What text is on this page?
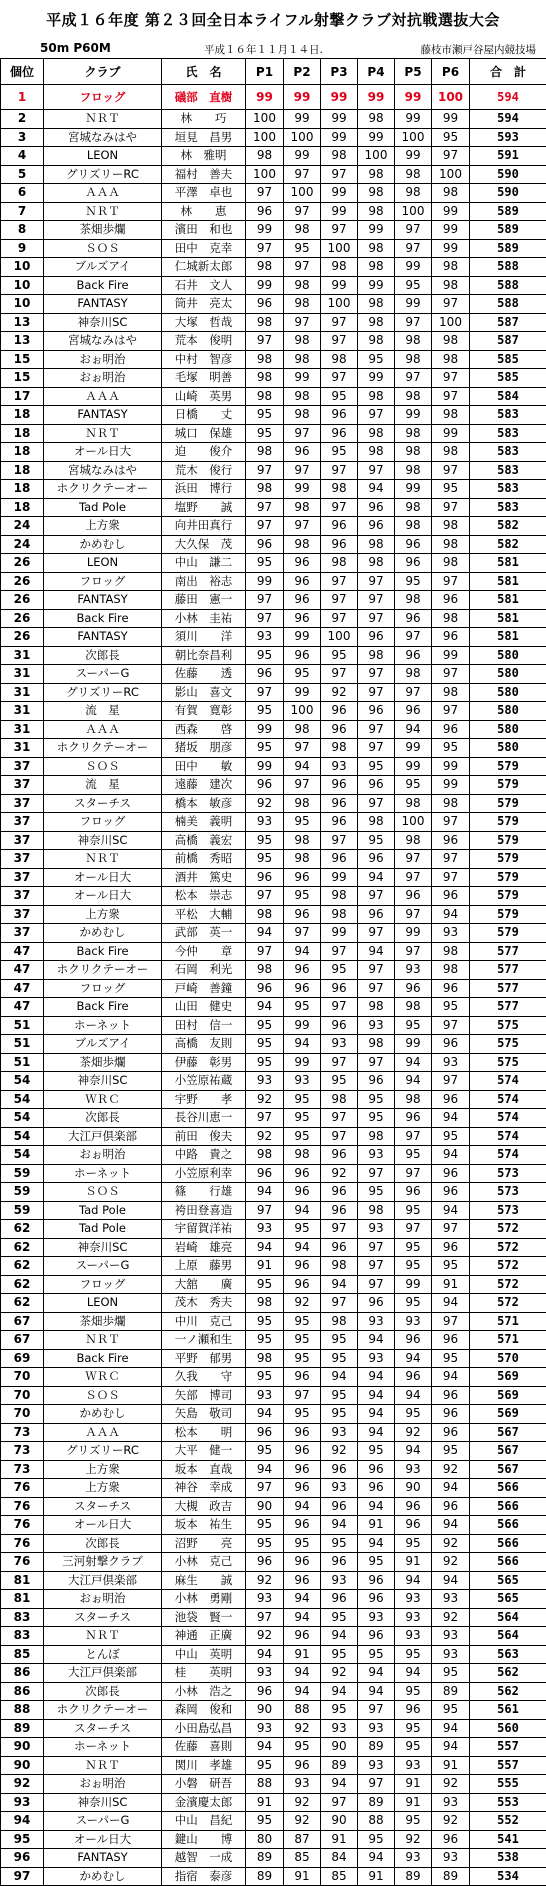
平成１６年度 第２３回全日本ライフル射撃クラブ対抗戦選抜大会
50m P60M	平成１６年１１月１４日.	藤枝市瀬戸谷屋内競技場
個位	クラブ	氏　名	P1	P2	P3	P4	P5	P6	合　計
1	フロッグ	礒部　直樹	99	99	99	99	99	100	594
2	ＮＲＴ	林　　巧	100	99	99	98	99	99	594
3	宮城なみはや	垣見　昌男	100	100	99	99	100	95	593
4	LEON	林　雅明	98	99	98	100	99	97	591
5	グリズリーRC	福村　善夫	100	97	97	98	98	100	590
6	ＡＡＡ	平澤　卓也	97	100	99	98	98	98	590
7	ＮＲＴ	林　　恵	96	97	99	98	100	99	589
8	茶畑歩爛	濱田　和也	99	98	97	99	97	99	589
9	ＳＯＳ	田中　克幸	97	95	100	98	97	99	589
10	ブルズアイ	仁城新太郎	98	97	98	98	99	98	588
10	Back Fire	石井　文人	99	98	99	99	95	98	588
10	FANTASY	筒井　亮太	96	98	100	98	99	97	588
13	神奈川SC	大塚　哲哉	98	97	97	98	97	100	587
13	宮城なみはや	荒本　俊明	97	98	97	98	98	98	587
15	おぉ明治	中村　智彦	98	98	98	95	98	98	585
15	おぉ明治	毛塚　明善	98	99	97	99	97	97	585
17	ＡＡＡ	山崎　英男	98	98	95	98	98	97	584
18	FANTASY	日橋　　丈	95	98	96	97	99	98	583
18	ＮＲＴ	城口　保雄	95	97	96	98	98	99	583
18	オール日大	迫　　俊介	98	96	95	98	98	98	583
18	宮城なみはや	荒木　俊行	97	97	97	97	98	97	583
18	ホクリクテーオー	浜田　博行	98	99	98	94	99	95	583
18	Tad Pole	塩野　　誠	97	98	97	96	98	97	583
24	上方衆	向井田真行	97	97	96	96	98	98	582
24	かめむし	大久保　茂	96	98	96	98	96	98	582
26	LEON	中山　謙二	95	96	98	98	96	98	581
26	フロッグ	南出　裕志	99	96	97	97	95	97	581
26	FANTASY	藤田　憲一	97	96	97	97	98	96	581
26	Back Fire	小林　圭祐	97	96	97	97	96	98	581
26	FANTASY	須川　　洋	93	99	100	96	97	96	581
31	次郎長	朝比奈昌利	95	96	95	98	96	99	580
31	スーパーG	佐藤　　透	96	95	97	97	98	97	580
31	グリズリーRC	影山　喜文	97	99	92	97	97	98	580
31	流　星	有賀　寛彰	95	100	96	96	96	97	580
31	ＡＡＡ	西森　　啓	99	98	96	97	94	96	580
31	ホクリクテーオー	猪坂　朋彦	95	97	98	97	99	95	580
37	ＳＯＳ	田中　　敏	99	94	93	95	99	99	579
37	流　星	遠藤　建次	96	97	96	96	95	99	579
37	スターチス	橋本　敏彦	92	98	96	97	98	98	579
37	フロッグ	楠美　義明	93	95	96	98	100	97	579
37	神奈川SC	高橋　義宏	95	98	97	95	98	96	579
37	ＮＲＴ	前橋　秀昭	95	98	96	96	97	97	579
37	オール日大	酒井　篤史	96	96	99	94	97	97	579
37	オール日大	松本　崇志	97	95	98	97	96	96	579
37	上方衆	平松　大輔	98	96	98	96	97	94	579
37	かめむし	武部　英一	94	97	99	97	99	93	579
47	Back Fire	今仲　　章	97	94	97	94	97	98	577
47	ホクリクテーオー	石岡　利光	98	96	95	97	93	98	577
47	フロッグ	戸崎　善鐘	96	96	96	97	96	96	577
47	Back Fire	山田　健史	94	95	97	98	98	95	577
51	ホーネット	田村　信一	95	99	96	93	95	97	575
51	ブルズアイ	高橋　友則	95	94	93	98	99	96	575
51	茶畑歩爛	伊藤　彰男	95	99	97	97	94	93	575
54	神奈川SC	小笠原祐蔵	93	93	95	96	94	97	574
54	ＷＲＣ	宇野　　孝	92	95	98	95	98	96	574
54	次郎長	長谷川恵一	97	95	97	95	96	94	574
54	大江戸倶楽部	前田　俊夫	92	95	97	98	97	95	574
54	おぉ明治	中路　貴之	98	98	96	93	95	94	574
59	ホーネット	小笠原利幸	96	96	92	97	97	96	573
59	ＳＯＳ	篠　　行雄	94	96	96	95	96	96	573
59	Tad Pole	袴田登喜造	97	94	96	98	95	94	573
62	Tad Pole	宇留賀洋祐	93	95	97	93	97	97	572
62	神奈川SC	岩崎　雄亮	94	94	96	97	95	96	572
62	スーパーG	上原　藤男	91	96	98	97	95	95	572
62	フロッグ	大舘　　廣	95	96	94	97	99	91	572
62	LEON	茂木　秀夫	98	92	97	96	95	94	572
67	茶畑歩爛	中川　克己	95	95	98	93	93	97	571
67	ＮＲＴ	一ノ瀬和生	95	95	95	94	96	96	571
69	Back Fire	平野　郁男	98	95	95	93	94	95	570
70	ＷＲＣ	久我　　守	95	96	94	94	96	94	569
70	ＳＯＳ	矢部　博司	93	97	95	94	94	96	569
70	かめむし	矢島　敬司	94	95	95	94	95	96	569
73	ＡＡＡ	松本　　明	96	96	93	94	92	96	567
73	グリズリーRC	大平　健一	95	96	92	95	94	95	567
73	上方衆	坂本　直哉	94	96	96	96	93	92	567
76	上方衆	神谷　幸成	97	96	93	96	90	94	566
76	スターチス	大槻　政吉	90	94	96	94	96	96	566
76	オール日大	坂本　祐生	95	96	94	91	96	94	566
76	次郎長	沼野　　亮	95	95	95	94	95	92	566
76	三河射撃クラブ	小林　克己	96	96	96	95	91	92	566
81	大江戸倶楽部	麻生　　誠	92	96	93	96	94	94	565
81	おぉ明治	小林　勇剛	93	94	96	96	93	93	565
83	スターチス	池袋　賢一	97	94	95	93	93	92	564
83	ＮＲＴ	神通　正廣	92	96	94	96	93	93	564
85	とんぼ	中山　英明	94	91	95	95	95	93	563
86	大江戸倶楽部	桂　　英明	93	94	92	94	94	95	562
86	次郎長	小林　浩之	96	94	94	94	95	89	562
88	ホクリクテーオー	森岡　俊和	90	88	95	97	96	95	561
89	スターチス	小田島弘昌	93	92	93	93	95	94	560
90	ホーネット	佐藤　喜則	94	95	90	89	95	94	557
90	ＮＲＴ	関川　孝雄	95	96	89	93	93	91	557
92	おぉ明治	小磐　研吾	88	93	94	97	91	92	555
93	神奈川SC	金濱慶太郎	91	92	97	89	91	93	553
94	スーパーG	中山　昌紀	95	92	90	88	95	92	552
95	オール日大	鍵山　　博	80	87	91	95	92	96	541
96	FANTASY	越智　一成	89	85	84	94	93	93	538
97	かめむし	指宿　泰彦	89	91	85	91	89	89	534
